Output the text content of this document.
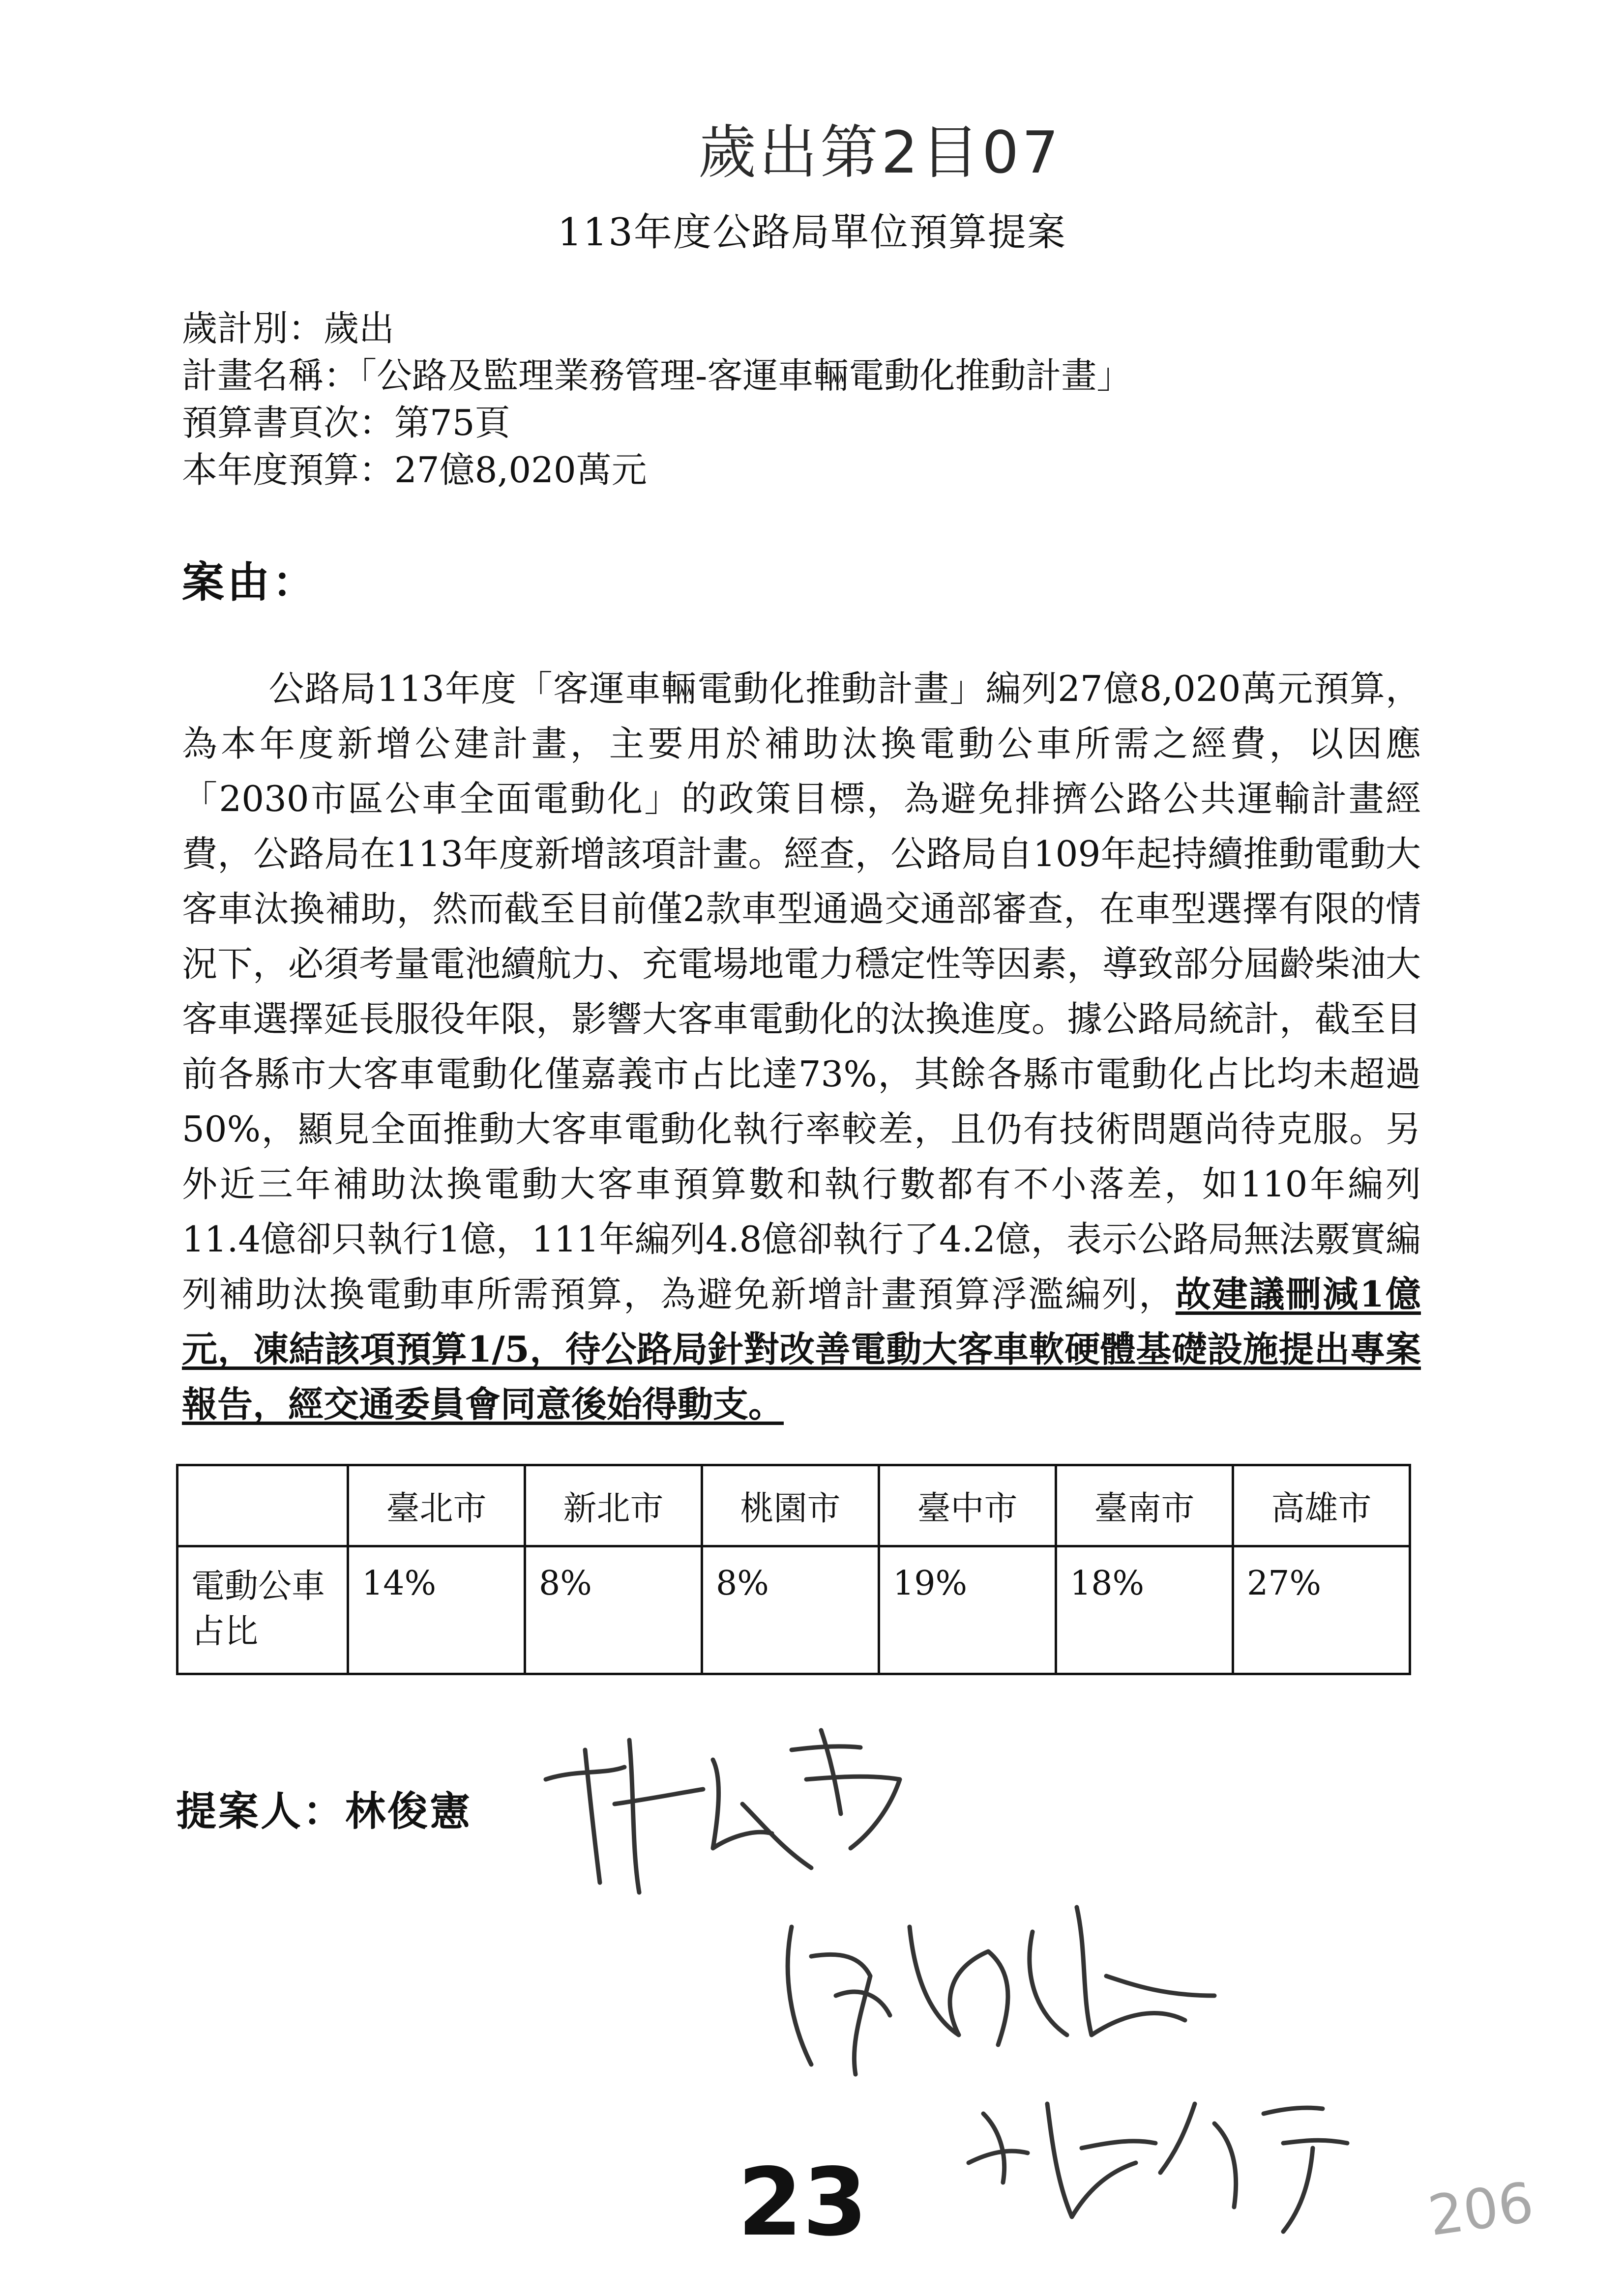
歲出第2目07
113年度公路局單位預算提案
歲計別：歲出
計畫名稱：「公路及監理業務管理-客運車輛電動化推動計畫」
預算書頁次：第75頁
本年度預算：27億8,020萬元
案由：
公路局113年度「客運車輛電動化推動計畫」編列27億8,020萬元預算，為本年度新增公建計畫，主要用於補助汰換電動公車所需之經費，以因應「2030市區公車全面電動化」的政策目標，為避免排擠公路公共運輸計畫經費，公路局在113年度新增該項計畫。經查，公路局自109年起持續推動電動大客車汰換補助，然而截至目前僅2款車型通過交通部審查，在車型選擇有限的情況下，必須考量電池續航力、充電場地電力穩定性等因素，導致部分屆齡柴油大客車選擇延長服役年限，影響大客車電動化的汰換進度。據公路局統計，截至目前各縣市大客車電動化僅嘉義市占比達73%，其餘各縣市電動化占比均未超過50%，顯見全面推動大客車電動化執行率較差，且仍有技術問題尚待克服。另外近三年補助汰換電動大客車預算數和執行數都有不小落差，如110年編列11.4億卻只執行1億，111年編列4.8億卻執行了4.2億，表示公路局無法覈實編列補助汰換電動車所需預算，為避免新增計畫預算浮濫編列，故建議刪減1億元，凍結該項預算1/5，待公路局針對改善電動大客車軟硬體基礎設施提出專案報告，經交通委員會同意後始得動支。
	臺北市	新北市	桃園市	臺中市	臺南市	高雄市
電動公車占比	14%	8%	8%	19%	18%	27%
提案人：林俊憲
23	206
